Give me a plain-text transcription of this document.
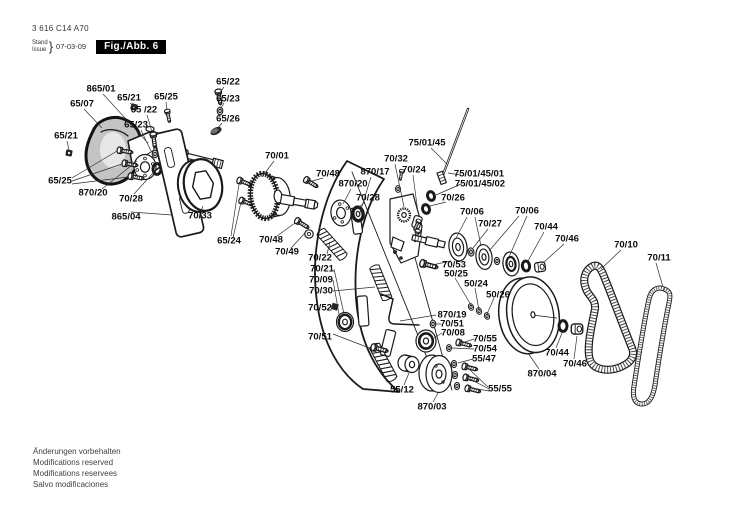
3 616 C14 A70
Stand
Issue } 07-03-09	Fig./Abb. 6
865/01
65/07
65/21 65/25
65/22
65/23
65 /22
65/26
65/23
65/21
65/25
870/20
70/28
865/04	70/33
65/24
70/01
70/48
870/20
70/28
870/17
70/32
75/01/45
70/24	75/01/45/01
75/01/45/02
70/26
70/06
70/27
70/06
70/44
70/46
70/10
70/11
70/48
70/49
70/22
70/21
70/09
70/30
70/52
70/51
70/53
50/25
50/24
50/26
870/19
70/51
70/08
70/55
70/54
55/47
55/12
870/03
55/55
70/44
70/46
870/04
Änderungen vorbehalten
Modifications reserved
Modifications reservees
Salvo modificaciones
